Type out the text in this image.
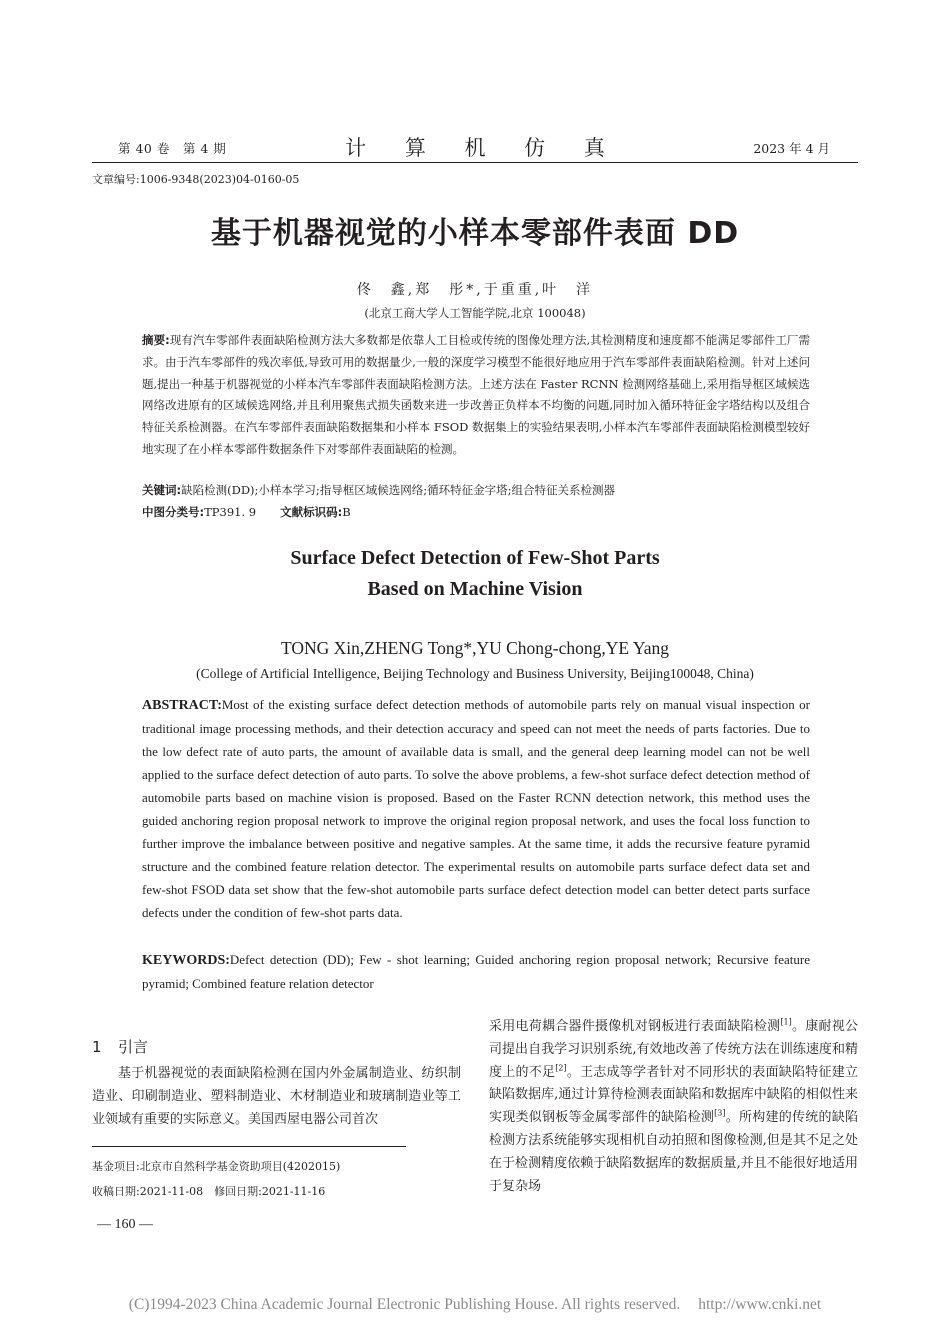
第 40 卷　第 4 期	计 算 机 仿 真	2023 年 4 月
文章编号:1006-9348(2023)04-0160-05
基于机器视觉的小样本零部件表面 DD
佟　鑫,郑　彤*,于重重,叶　洋
(北京工商大学人工智能学院,北京 100048)
摘要:现有汽车零部件表面缺陷检测方法大多数都是依靠人工目检或传统的图像处理方法,其检测精度和速度都不能满足零部件工厂需求。由于汽车零部件的残次率低,导致可用的数据量少,一般的深度学习模型不能很好地应用于汽车零部件表面缺陷检测。针对上述问题,提出一种基于机器视觉的小样本汽车零部件表面缺陷检测方法。上述方法在 Faster RCNN 检测网络基础上,采用指导框区域候选网络改进原有的区域候选网络,并且利用聚焦式损失函数来进一步改善正负样本不均衡的问题,同时加入循环特征金字塔结构以及组合特征关系检测器。在汽车零部件表面缺陷数据集和小样本 FSOD 数据集上的实验结果表明,小样本汽车零部件表面缺陷检测模型较好地实现了在小样本零部件数据条件下对零部件表面缺陷的检测。
关键词:缺陷检测(DD);小样本学习;指导框区域候选网络;循环特征金字塔;组合特征关系检测器
中图分类号:TP391. 9 文献标识码:B
Surface Defect Detection of Few-Shot Parts
Based on Machine Vision
TONG Xin,ZHENG Tong*,YU Chong-chong,YE Yang
(College of Artificial Intelligence, Beijing Technology and Business University, Beijing100048, China)
ABSTRACT:Most of the existing surface defect detection methods of automobile parts rely on manual visual inspection or traditional image processing methods, and their detection accuracy and speed can not meet the needs of parts factories. Due to the low defect rate of auto parts, the amount of available data is small, and the general deep learning model can not be well applied to the surface defect detection of auto parts. To solve the above problems, a few-shot surface defect detection method of automobile parts based on machine vision is proposed. Based on the Faster RCNN detection network, this method uses the guided anchoring region proposal network to improve the original region proposal network, and uses the focal loss function to further improve the imbalance between positive and negative samples. At the same time, it adds the recursive feature pyramid structure and the combined feature relation detector. The experimental results on automobile parts surface defect data set and few-shot FSOD data set show that the few-shot automobile parts surface defect detection model can better detect parts surface defects under the condition of few-shot parts data.
KEYWORDS:Defect detection (DD); Few - shot learning; Guided anchoring region proposal network; Recursive feature pyramid; Combined feature relation detector
1 引言

基于机器视觉的表面缺陷检测在国内外金属制造业、纺织制造业、印刷制造业、塑料制造业、木材制造业和玻璃制造业等工业领域有重要的实际意义。美国西屋电器公司首次

采用电荷耦合器件摄像机对钢板进行表面缺陷检测[1]。康耐视公司提出自我学习识别系统,有效地改善了传统方法在训练速度和精度上的不足[2]。王志成等学者针对不同形状的表面缺陷特征建立缺陷数据库,通过计算待检测表面缺陷和数据库中缺陷的相似性来实现类似钢板等金属零部件的缺陷检测[3]。所构建的传统的缺陷检测方法系统能够实现相机自动拍照和图像检测,但是其不足之处在于检测精度依赖于缺陷数据库的数据质量,并且不能很好地适用于复杂场

基金项目:北京市自然科学基金资助项目(4202015)
收稿日期:2021-11-08　修回日期:2021-11-16
— 160 —
(C)1994-2023 China Academic Journal Electronic Publishing House. All rights reserved. http://www.cnki.net
